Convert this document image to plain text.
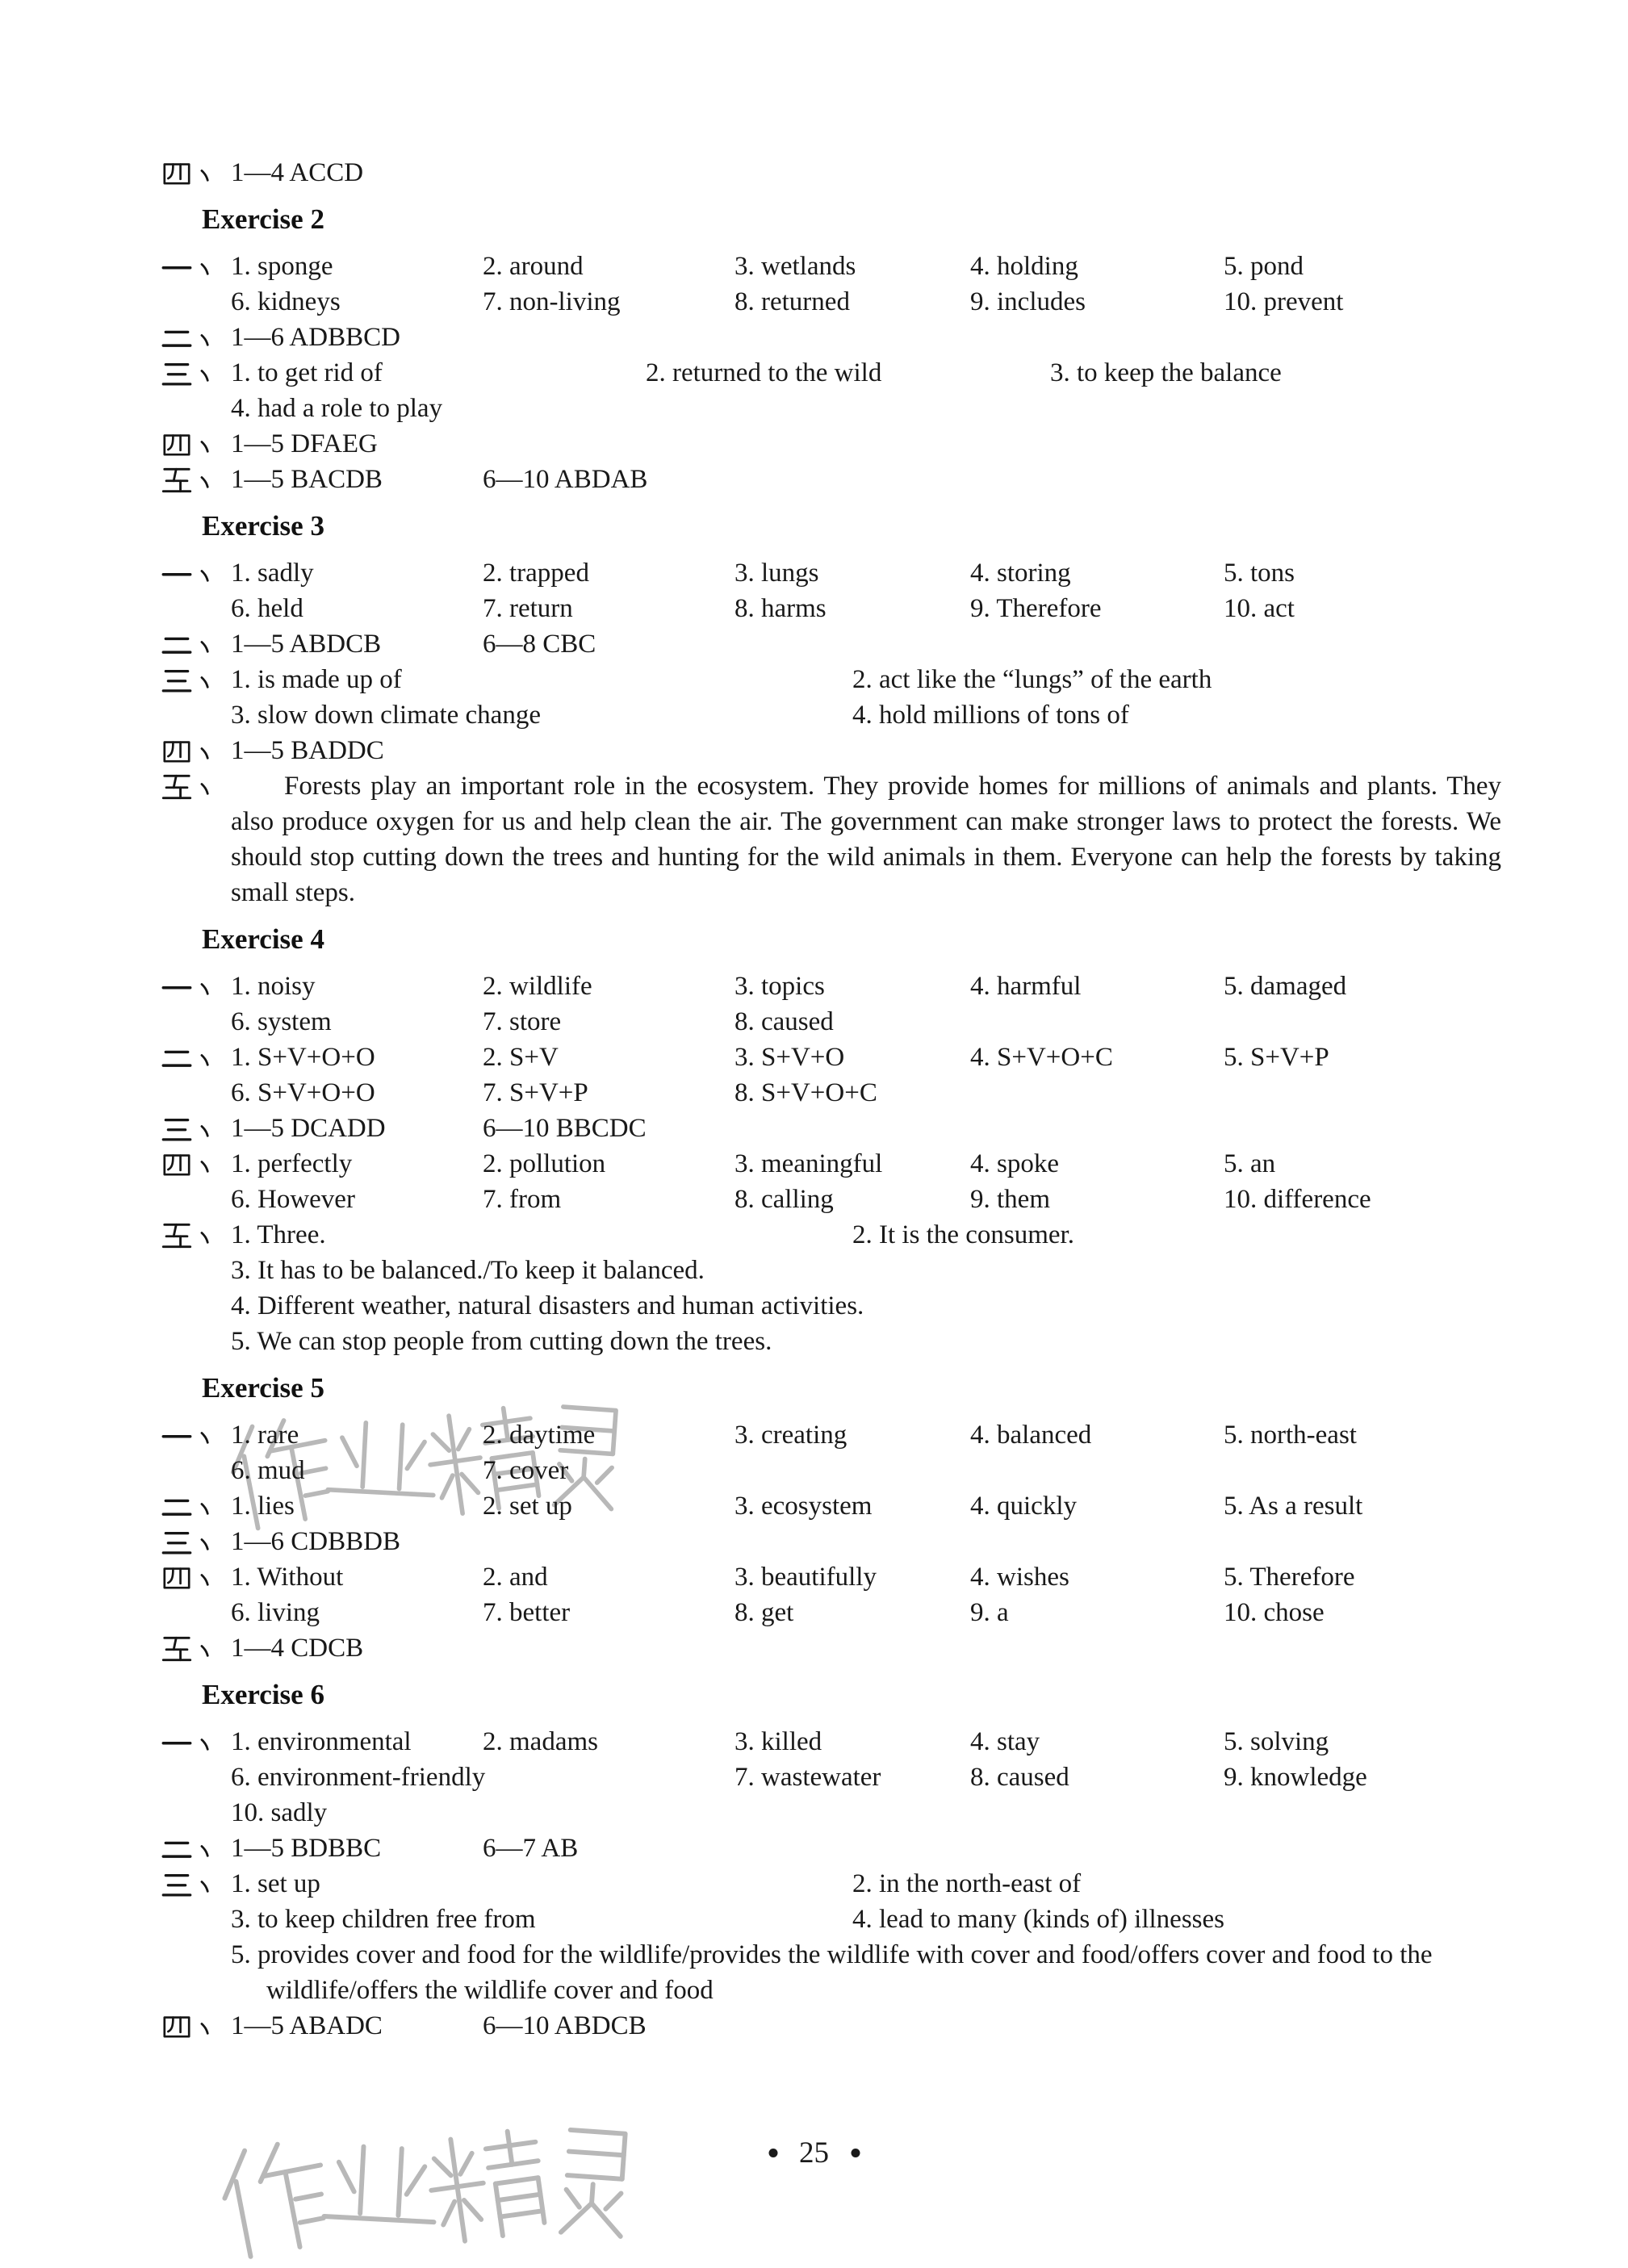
1—4 ACCD
Exercise 2
1. sponge	2. around	3. wetlands	4. holding	5. pond
6. kidneys	7. non-living	8. returned	9. includes	10. prevent
1—6 ADBBCD
1. to get rid of	2. returned to the wild	3. to keep the balance
4. had a role to play
1—5 DFAEG
1—5 BACDB	6—10 ABDAB
Exercise 3
1. sadly	2. trapped	3. lungs	4. storing	5. tons
6. held	7. return	8. harms	9. Therefore	10. act
1—5 ABDCB	6—8 CBC
1. is made up of	2. act like the “lungs” of the earth
3. slow down climate change	4. hold millions of tons of
1—5 BADDC
Forests play an important role in the ecosystem. They provide homes for millions of animals and plants. They also produce oxygen for us and help clean the air. The government can make stronger laws to protect the forests. We should stop cutting down the trees and hunting for the wild animals in them. Everyone can help the forests by taking small steps.
Exercise 4
1. noisy	2. wildlife	3. topics	4. harmful	5. damaged
6. system	7. store	8. caused
1. S+V+O+O	2. S+V	3. S+V+O	4. S+V+O+C	5. S+V+P
6. S+V+O+O	7. S+V+P	8. S+V+O+C
1—5 DCADD	6—10 BBCDC
1. perfectly	2. pollution	3. meaningful	4. spoke	5. an
6. However	7. from	8. calling	9. them	10. difference
1. Three.	2. It is the consumer.
3. It has to be balanced./To keep it balanced.
4. Different weather, natural disasters and human activities.
5. We can stop people from cutting down the trees.
Exercise 5
1. rare	2. daytime	3. creating	4. balanced	5. north-east
6. mud	7. cover
1. lies	2. set up	3. ecosystem	4. quickly	5. As a result
1—6 CDBBDB
1. Without	2. and	3. beautifully	4. wishes	5. Therefore
6. living	7. better	8. get	9. a	10. chose
1—4 CDCB
Exercise 6
1. environmental	2. madams	3. killed	4. stay	5. solving
6. environment-friendly	7. wastewater	8. caused	9. knowledge
10. sadly
1—5 BDBBC	6—7 AB
1. set up	2. in the north-east of
3. to keep children free from	4. lead to many (kinds of) illnesses
5. provides cover and food for the wildlife/provides the wildlife with cover and food/offers cover and food to the wildlife/offers the wildlife cover and food
1—5 ABADC	6—10 ABDCB
25
